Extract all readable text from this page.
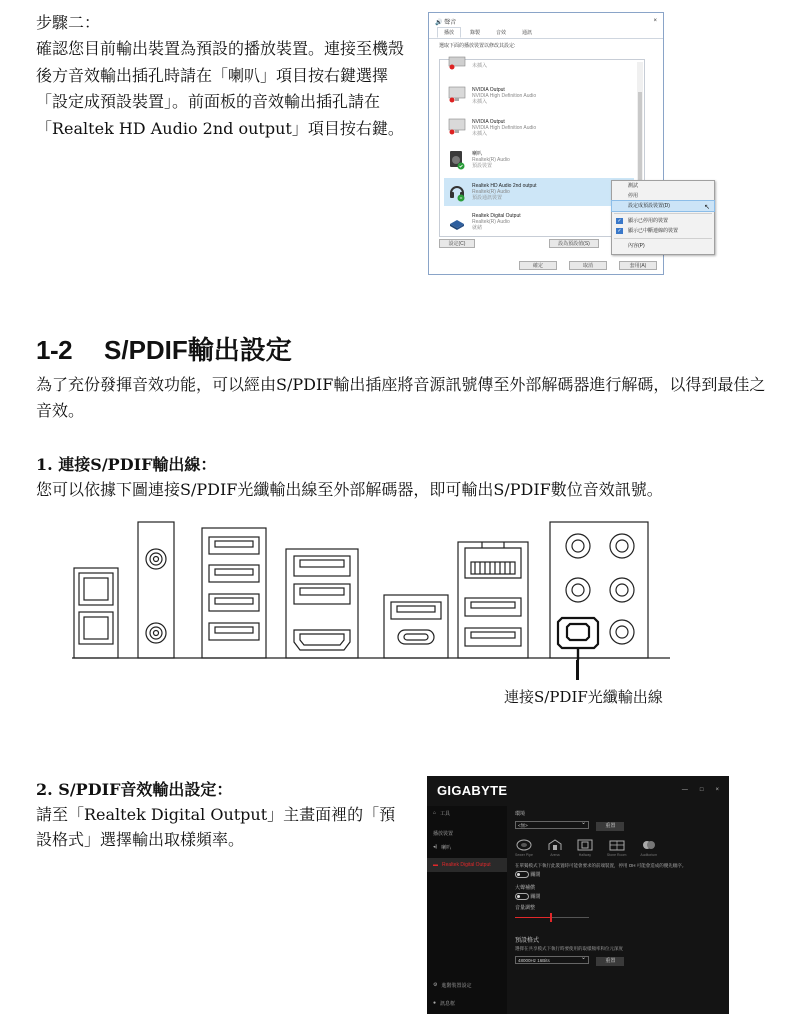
步驟二：
確認您目前輸出裝置為預設的播放裝置。連接至機殼後方音效輸出插孔時請在「喇叭」項目按右鍵選擇「設定成預設裝置」。前面板的音效輸出插孔請在「Realtek HD Audio 2nd output」項目按右鍵。
🔊 聲音	×
播放	錄製	音效	通訊
選取下面的播放裝置以修改其設定:
未插入
NVIDIA Output
NVIDIA High Definition Audio
未插入
NVIDIA Output
NVIDIA High Definition Audio
未插入
喇叭
Realtek(R) Audio
預設裝置
Realtek HD Audio 2nd output
Realtek(R) Audio
預設通訊裝置
Realtek Digital Output
Realtek(R) Audio
就緒
設定(C)	設為預設值(S)
確定	取消	套用(A)
測試
停用
設定成預設裝置(D)	↖
✓ 顯示已停用的裝置
✓ 顯示已中斷連線的裝置
內容(P)
1-2	S/PDIF輸出設定
為了充份發揮音效功能，可以經由S/PDIF輸出插座將音源訊號傳至外部解碼器進行解碼，以得到最佳之音效。
1. 連接S/PDIF輸出線：
您可以依據下圖連接S/PDIF光纖輸出線至外部解碼器，即可輸出S/PDIF數位音效訊號。
連接S/PDIF光纖輸出線
2. S/PDIF音效輸出設定：
請至「Realtek Digital Output」主畫面裡的「預設格式」選擇輸出取樣頻率。
GIGABYTE	— □ ×
⌂ 工具
播放裝置
◂) 喇叭
▬ Realtek Digital Output
⚙ 進階裝置設定
● 訊息框
環境
<無> ⌄	重置
Sewer Pipe	Arena	Hallway	Stone Room	Auditorium
在單獨模式下執行此裝置時可能會要求的前端裝置，停用 OH 可能會造成的優先順序。
關閉
大聲補償
關閉
音量調整
預設格式
選擇在共享模式下執行時要使用的取樣頻率和位元深度
48000Hz 16Bits ⌄	重置
